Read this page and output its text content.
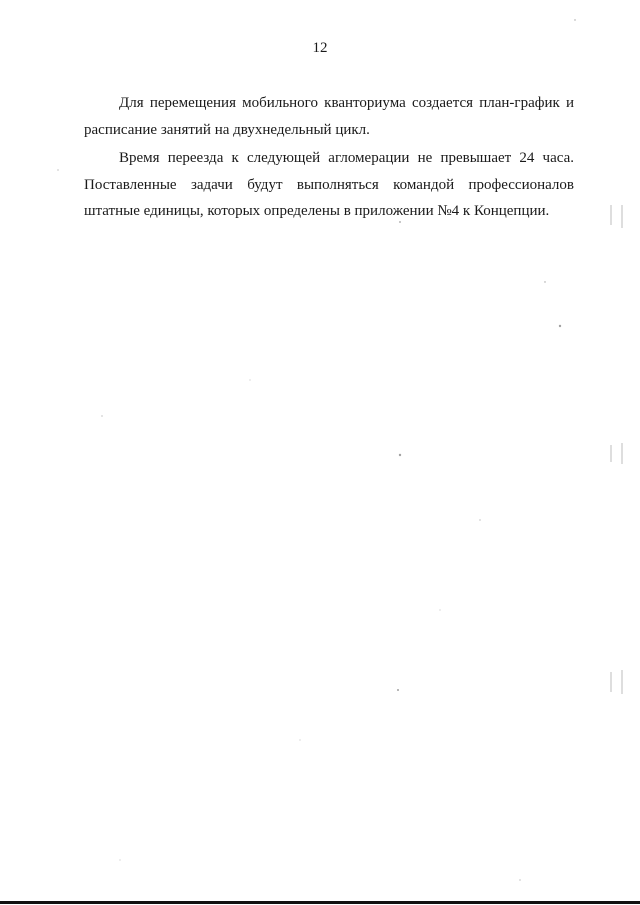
12

Для перемещения мобильного кванториума создается план-график и
расписание занятий на двухнедельный цикл.

Время переезда к следующей агломерации не превышает 24 часа.
Поставленные задачи будут выполняться командой профессионалов
штатные единицы, которых определены в приложении №4 к Концепции.
